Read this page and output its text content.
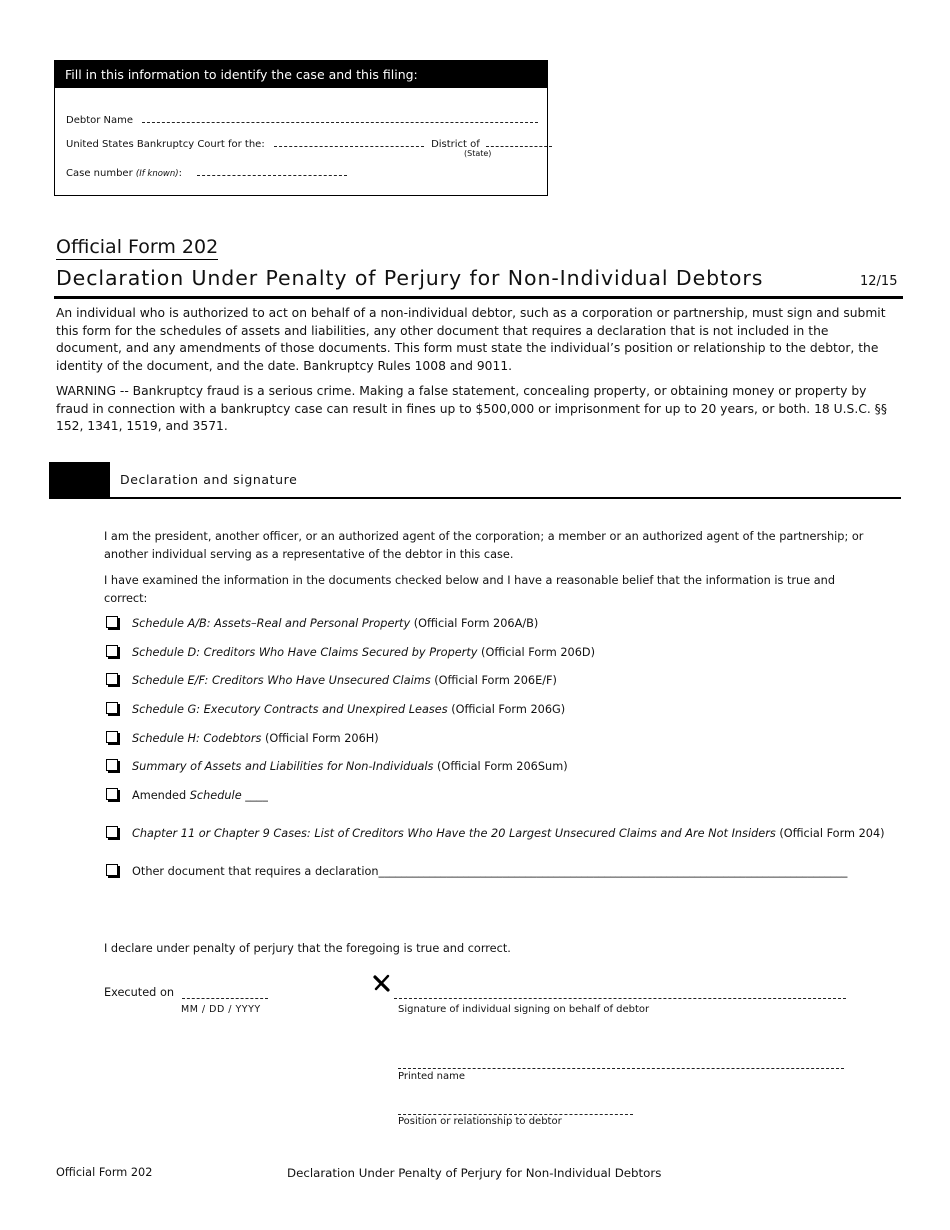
Fill in this information to identify the case and this filing:
Debtor Name
United States Bankruptcy Court for the:	District of
(State)
Case number (If known):
Official Form 202
Declaration Under Penalty of Perjury for Non-Individual Debtors	12/15
An individual who is authorized to act on behalf of a non-individual debtor, such as a corporation or partnership, must sign and submit this form for the schedules of assets and liabilities, any other document that requires a declaration that is not included in the document, and any amendments of those documents. This form must state the individual’s position or relationship to the debtor, the identity of the document, and the date. Bankruptcy Rules 1008 and 9011.
WARNING -- Bankruptcy fraud is a serious crime. Making a false statement, concealing property, or obtaining money or property by fraud in connection with a bankruptcy case can result in fines up to $500,000 or imprisonment for up to 20 years, or both. 18 U.S.C. §§ 152, 1341, 1519, and 3571.
Declaration and signature
I am the president, another officer, or an authorized agent of the corporation; a member or an authorized agent of the partnership; or another individual serving as a representative of the debtor in this case.
I have examined the information in the documents checked below and I have a reasonable belief that the information is true and correct:
Schedule A/B: Assets–Real and Personal Property (Official Form 206A/B)
Schedule D: Creditors Who Have Claims Secured by Property (Official Form 206D)
Schedule E/F: Creditors Who Have Unsecured Claims (Official Form 206E/F)
Schedule G: Executory Contracts and Unexpired Leases (Official Form 206G)
Schedule H: Codebtors (Official Form 206H)
Summary of Assets and Liabilities for Non-Individuals (Official Form 206Sum)
Amended Schedule ____
Chapter 11 or Chapter 9 Cases: List of Creditors Who Have the 20 Largest Unsecured Claims and Are Not Insiders (Official Form 204)
Other document that requires a declaration___________________________________________________________________________________
I declare under penalty of perjury that the foregoing is true and correct.
Executed on
MM / DD / YYYY	Signature of individual signing on behalf of debtor
Printed name
Position or relationship to debtor
Official Form 202	Declaration Under Penalty of Perjury for Non-Individual Debtors
